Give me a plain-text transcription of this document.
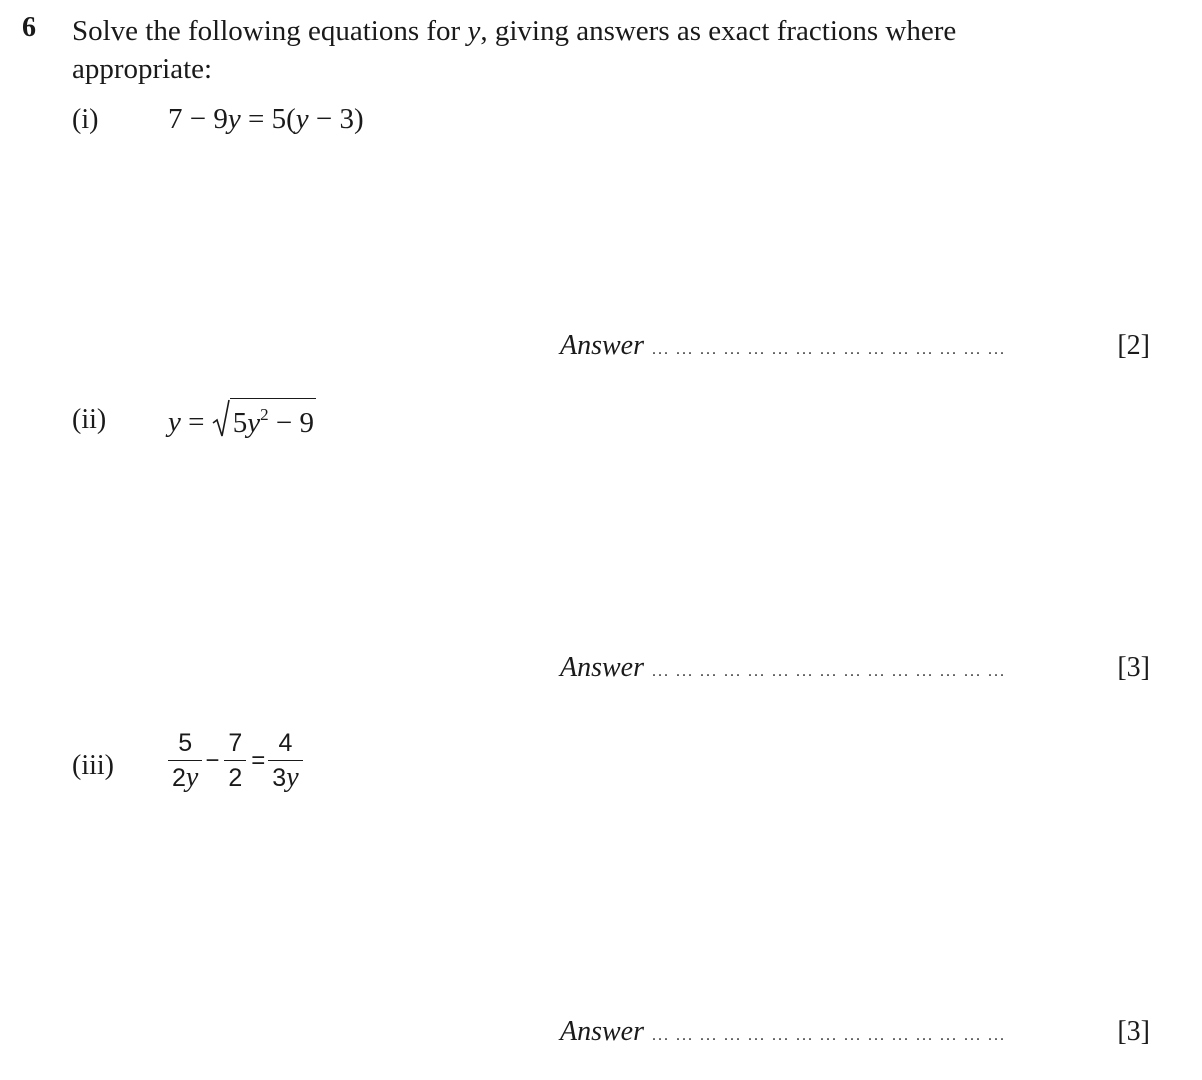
6 Solve the following equations for y, giving answers as exact fractions where appropriate:
(i) 7 − 9y = 5(y − 3)
Answer ... ... ... ... ... ... ... ... ... ... ... ... ... ... ...	[2]
(ii) $y = 5y^2 - 9$
Answer ... ... ... ... ... ... ... ... ... ... ... ... ... ... ...	[3]
$(iii) \frac{5}{2y} - \frac{7}{2} = \frac{4}{3y}$
Answer ... ... ... ... ... ... ... ... ... ... ... ... ... ... ...	[3]
